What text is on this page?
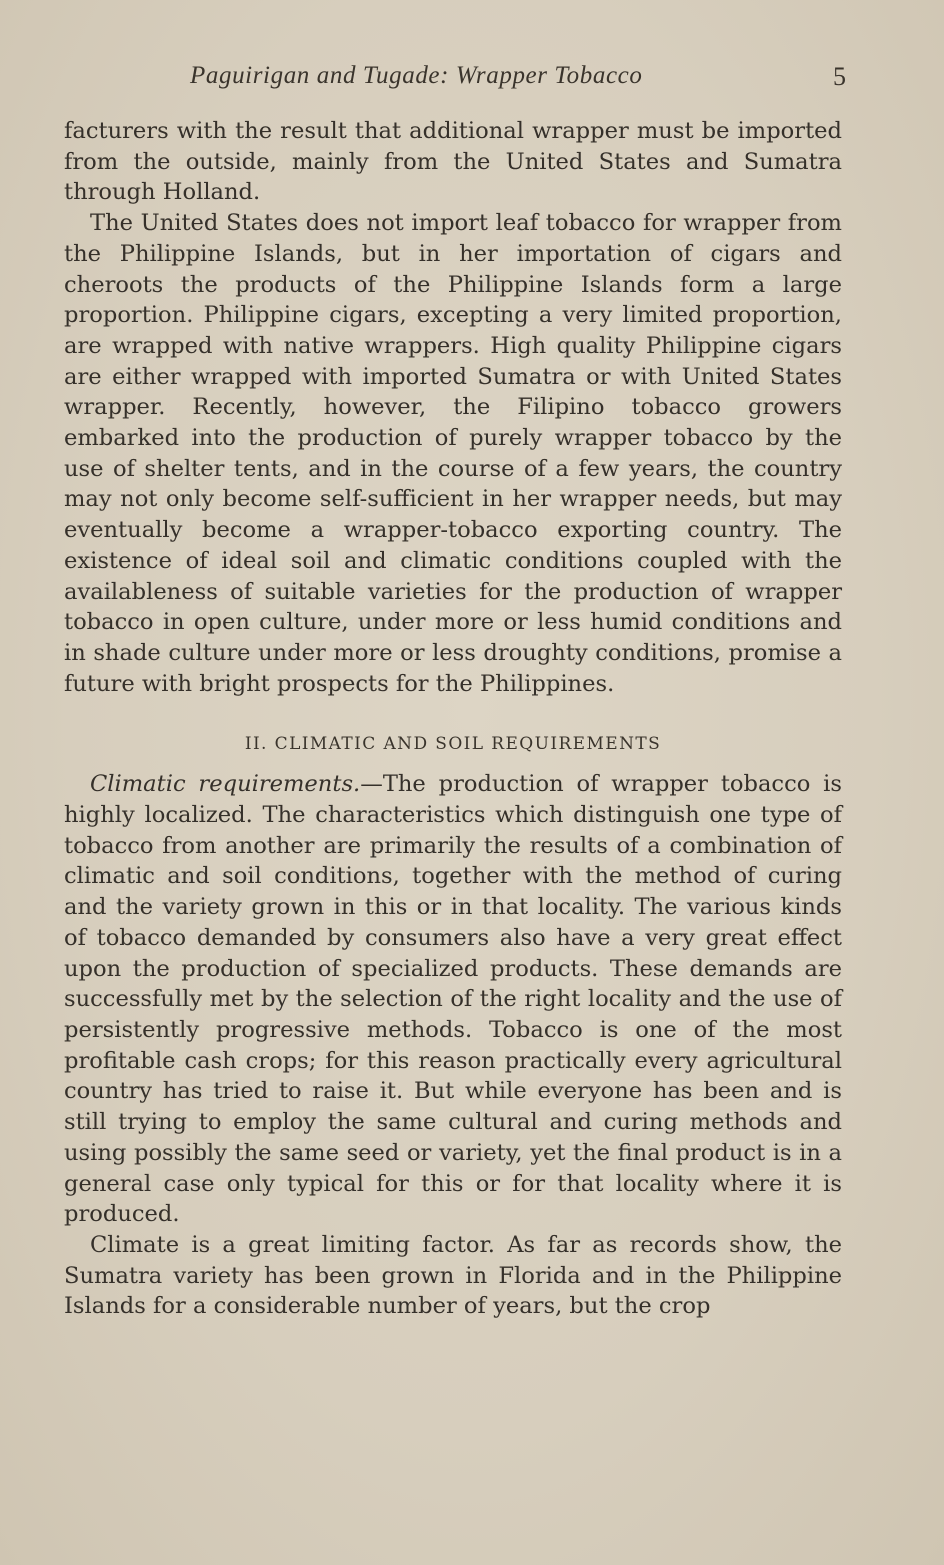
Paguirigan and Tugade: Wrapper Tobacco	5

facturers with the result that additional wrapper must be imported from the outside, mainly from the United States and Sumatra through Holland.

The United States does not import leaf tobacco for wrapper from the Philippine Islands, but in her importation of cigars and cheroots the products of the Philippine Islands form a large proportion. Philippine cigars, excepting a very limited proportion, are wrapped with native wrappers. High quality Philippine cigars are either wrapped with imported Sumatra or with United States wrapper. Recently, however, the Filipino tobacco growers embarked into the production of purely wrapper tobacco by the use of shelter tents, and in the course of a few years, the country may not only become self-sufficient in her wrapper needs, but may eventually become a wrapper-tobacco exporting country. The existence of ideal soil and climatic conditions coupled with the availableness of suitable varieties for the production of wrapper tobacco in open culture, under more or less humid conditions and in shade culture under more or less droughty conditions, promise a future with bright prospects for the Philippines.

II. CLIMATIC AND SOIL REQUIREMENTS

Climatic requirements.—The production of wrapper tobacco is highly localized. The characteristics which distinguish one type of tobacco from another are primarily the results of a combination of climatic and soil conditions, together with the method of curing and the variety grown in this or in that locality. The various kinds of tobacco demanded by consumers also have a very great effect upon the production of specialized products. These demands are successfully met by the selection of the right locality and the use of persistently progressive methods. Tobacco is one of the most profitable cash crops; for this reason practically every agricultural country has tried to raise it. But while everyone has been and is still trying to employ the same cultural and curing methods and using possibly the same seed or variety, yet the final product is in a general case only typical for this or for that locality where it is produced.

Climate is a great limiting factor. As far as records show, the Sumatra variety has been grown in Florida and in the Philippine Islands for a considerable number of years, but the crop
